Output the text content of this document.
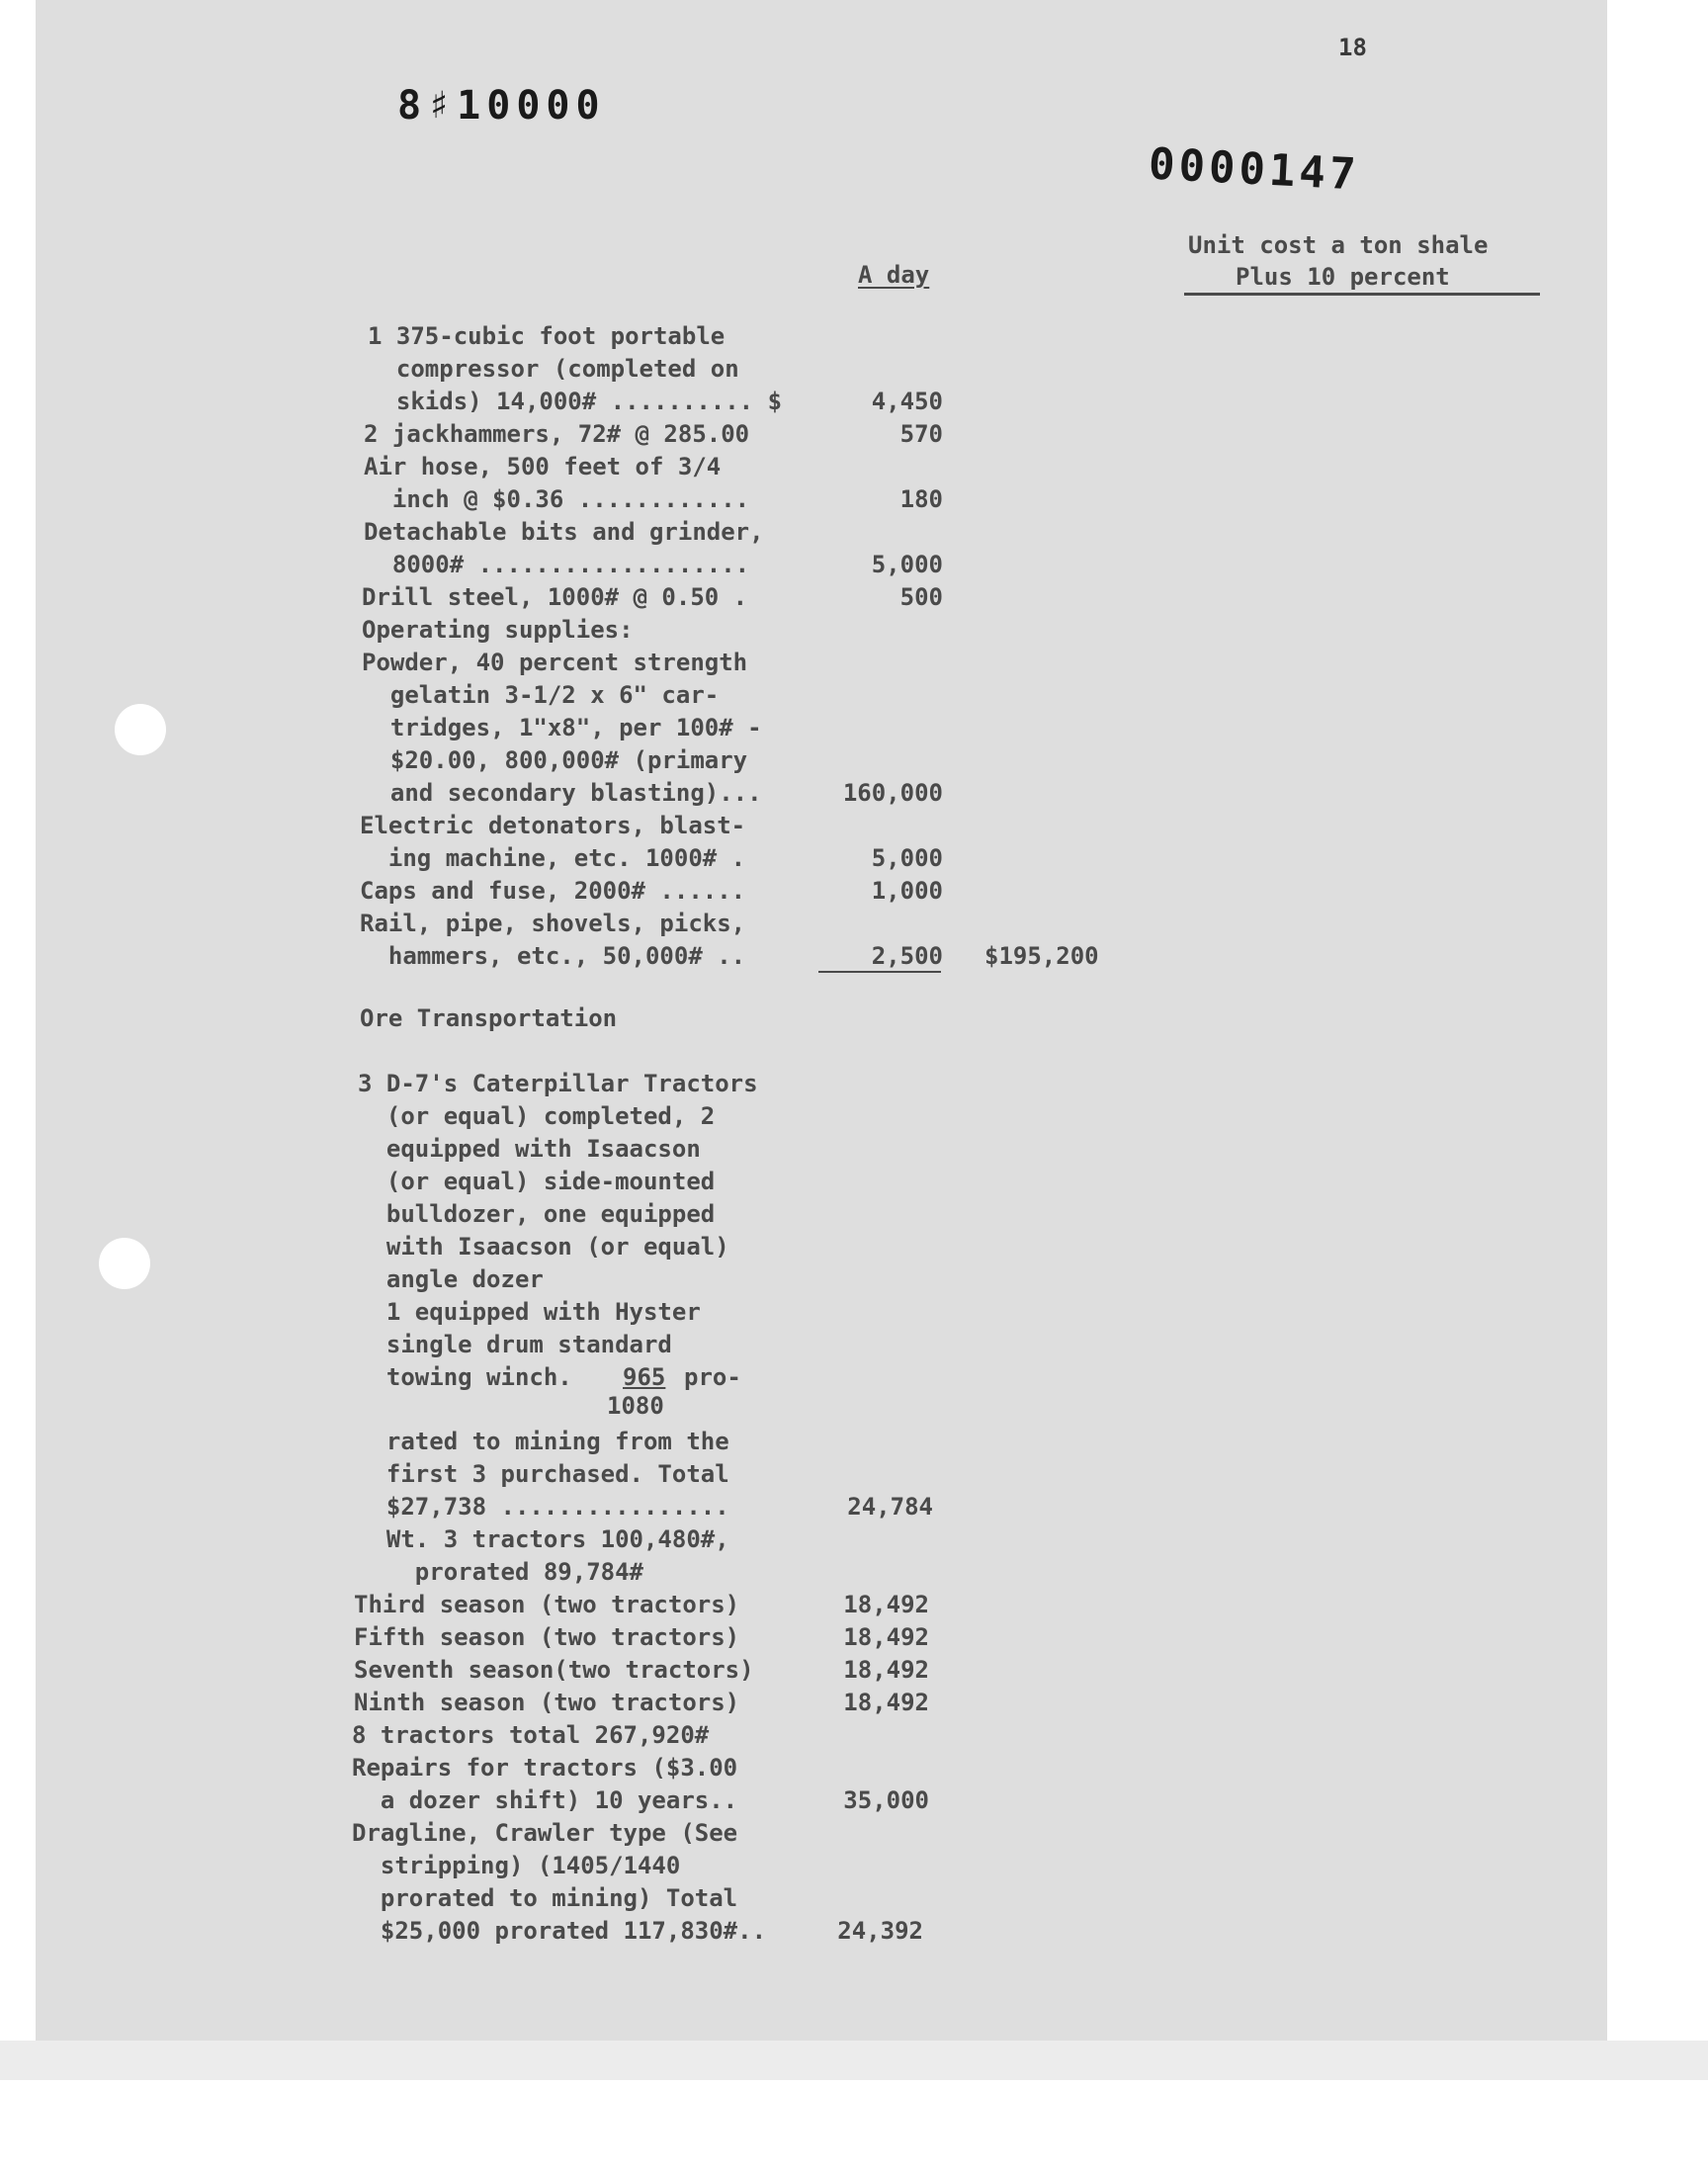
18
8♯10000
0000147
Unit cost a ton shale
Plus 10 percent
A day
1 375-cubic foot portable
compressor (completed on
skids) 14,000# .......... $	4,450
2 jackhammers, 72# @ 285.00	570
Air hose, 500 feet of 3/4
inch @ $0.36 ............	180
Detachable bits and grinder,
8000# ...................	5,000
Drill steel, 1000# @ 0.50 .	500
Operating supplies:
Powder, 40 percent strength
gelatin 3-1/2 x 6" car-
tridges, 1"x8", per 100# -
$20.00, 800,000# (primary
and secondary blasting)...	160,000
Electric detonators, blast-
ing machine, etc. 1000# .	5,000
Caps and fuse, 2000# ......	1,000
Rail, pipe, shovels, picks,
hammers, etc., 50,000# ..	2,500 $195,200
Ore Transportation
3 D-7's Caterpillar Tractors
(or equal) completed, 2
equipped with Isaacson
(or equal) side-mounted
bulldozer, one equipped
with Isaacson (or equal)
angle dozer
1 equipped with Hyster
single drum standard
towing winch.	965 pro-
1080
rated to mining from the
first 3 purchased. Total
$27,738 ................	24,784
Wt. 3 tractors 100,480#,
prorated 89,784#
Third season (two tractors)	18,492
Fifth season (two tractors)	18,492
Seventh season(two tractors)	18,492
Ninth season (two tractors)	18,492
8 tractors total 267,920#
Repairs for tractors ($3.00
a dozer shift) 10 years..	35,000
Dragline, Crawler type (See
stripping) (1405/1440
prorated to mining) Total
$25,000 prorated 117,830#..	24,392
